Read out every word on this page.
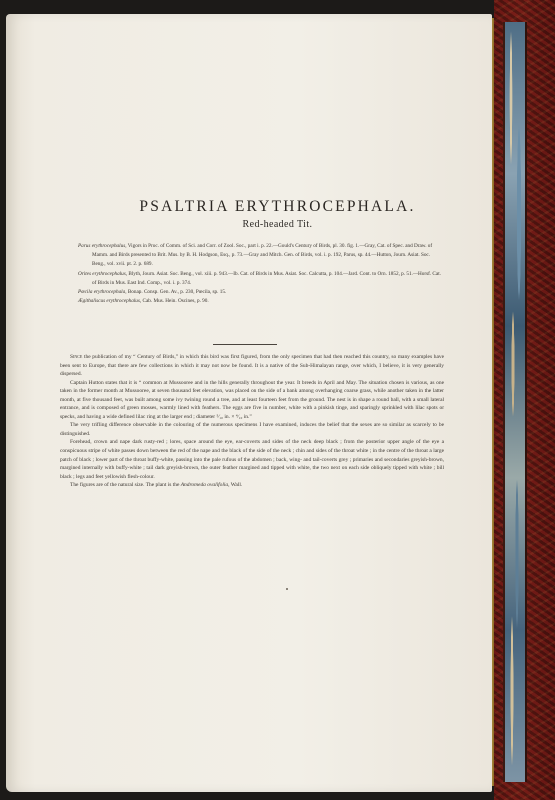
PSALTRIA ERYTHROCEPHALA.
Red-headed Tit.

Parus erythrocephalus, Vigors in Proc. of Comm. of Sci. and Corr. of Zool. Soc., part i. p. 22.—Gould's Century of Birds, pl. 30. fig. 1.—Gray, Cat. of Spec. and Draw. of Mamm. and Birds presented to Brit. Mus. by B. H. Hodgson, Esq., p. 73.—Gray and Mitch. Gen. of Birds, vol. i. p. 192, Parus, sp. 44.—Hutton, Journ. Asiat. Soc. Beng., vol. xvii. pt. 2. p. 689.

Orites erythrocephalus, Blyth, Journ. Asiat. Soc. Beng., vol. xiii. p. 943.—Ib. Cat. of Birds in Mus. Asiat. Soc. Calcutta, p. 104.—Jard. Cont. to Orn. 1852, p. 51.—Horsf. Cat. of Birds in Mus. East Ind. Comp., vol. i. p. 374.

Pœcila erythrocephala, Bonap. Consp. Gen. Av., p. 230, Pœcila, sp. 15.

Ægithaliscus erythrocephalus, Cab. Mus. Hein. Oscines, p. 90.

Since the publication of my “ Century of Birds,” in which this bird was first figured, from the only specimen that had then reached this country, so many examples have been sent to Europe, that there are few collections in which it may not now be found. It is a native of the Sub-Himalayan range, over which, I believe, it is very generally dispersed.

Captain Hutton states that it is “ common at Mussooree and in the hills generally throughout the year. It breeds in April and May. The situation chosen is various, as one taken in the former month at Mussooree, at seven thousand feet elevation, was placed on the side of a bank among overhanging coarse grass, while another taken in the latter month, at five thousand feet, was built among some ivy twining round a tree, and at least fourteen feet from the ground. The nest is in shape a round ball, with a small lateral entrance, and is composed of green mosses, warmly lined with feathers. The eggs are five in number, white with a pinkish tinge, and sparingly sprinkled with lilac spots or specks, and having a wide defined lilac ring at the larger end ; diameter ⁵⁄₁₀ in. × ⁴⁄₁₀ in.”

The very trifling difference observable in the colouring of the numerous specimens I have examined, induces the belief that the sexes are so similar as scarcely to be distinguished.

Forehead, crown and nape dark rusty-red ; lores, space around the eye, ear-coverts and sides of the neck deep black ; from the posterior upper angle of the eye a conspicuous stripe of white passes down between the red of the nape and the black of the side of the neck ; chin and sides of the throat white ; in the centre of the throat a large patch of black ; lower part of the throat buffy-white, passing into the pale rufous of the abdomen ; back, wing- and tail-coverts grey ; primaries and secondaries greyish-brown, margined internally with buffy-white ; tail dark greyish-brown, the outer feather margined and tipped with white, the two next on each side obliquely tipped with white ; bill black ; legs and feet yellowish flesh-colour.

The figures are of the natural size. The plant is the Andromeda ovalifolia, Wall.
